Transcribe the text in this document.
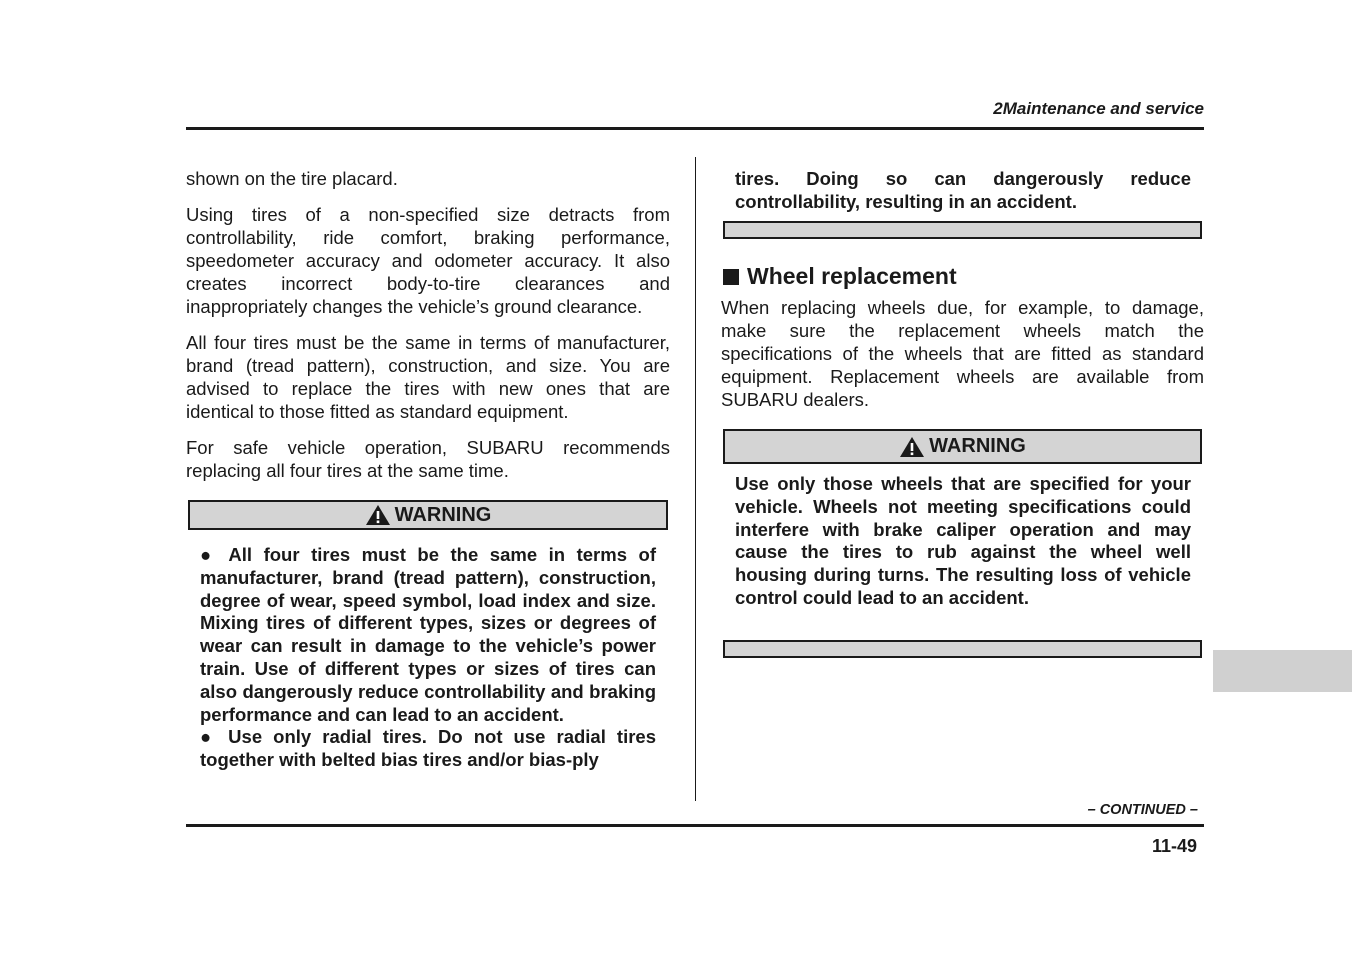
2Maintenance and service

shown on the tire placard.

Using tires of a non-specified size detracts from controllability, ride comfort, braking performance, speedometer accuracy and odometer accuracy. It also creates incorrect body-to-tire clearances and inappropriately changes the vehicle’s ground clearance.

All four tires must be the same in terms of manufacturer, brand (tread pattern), construction, and size. You are advised to replace the tires with new ones that are identical to those fitted as standard equipment.

For safe vehicle operation, SUBARU recommends replacing all four tires at the same time.

WARNING

● All four tires must be the same in terms of manufacturer, brand (tread pattern), construction, degree of wear, speed symbol, load index and size. Mixing tires of different types, sizes or degrees of wear can result in damage to the vehicle’s power train. Use of different types or sizes of tires can also dangerously reduce controllability and braking performance and can lead to an accident.

● Use only radial tires. Do not use radial tires together with belted bias tires and/or bias-ply

tires. Doing so can dangerously reduce controllability, resulting in an accident.
Wheel replacement
When replacing wheels due, for example, to damage, make sure the replacement wheels match the specifications of the wheels that are fitted as standard equipment. Replacement wheels are available from SUBARU dealers.
WARNING
Use only those wheels that are specified for your vehicle. Wheels not meeting specifications could interfere with brake caliper operation and may cause the tires to rub against the wheel well housing during turns. The resulting loss of vehicle control could lead to an accident.
– CONTINUED –
11-49
